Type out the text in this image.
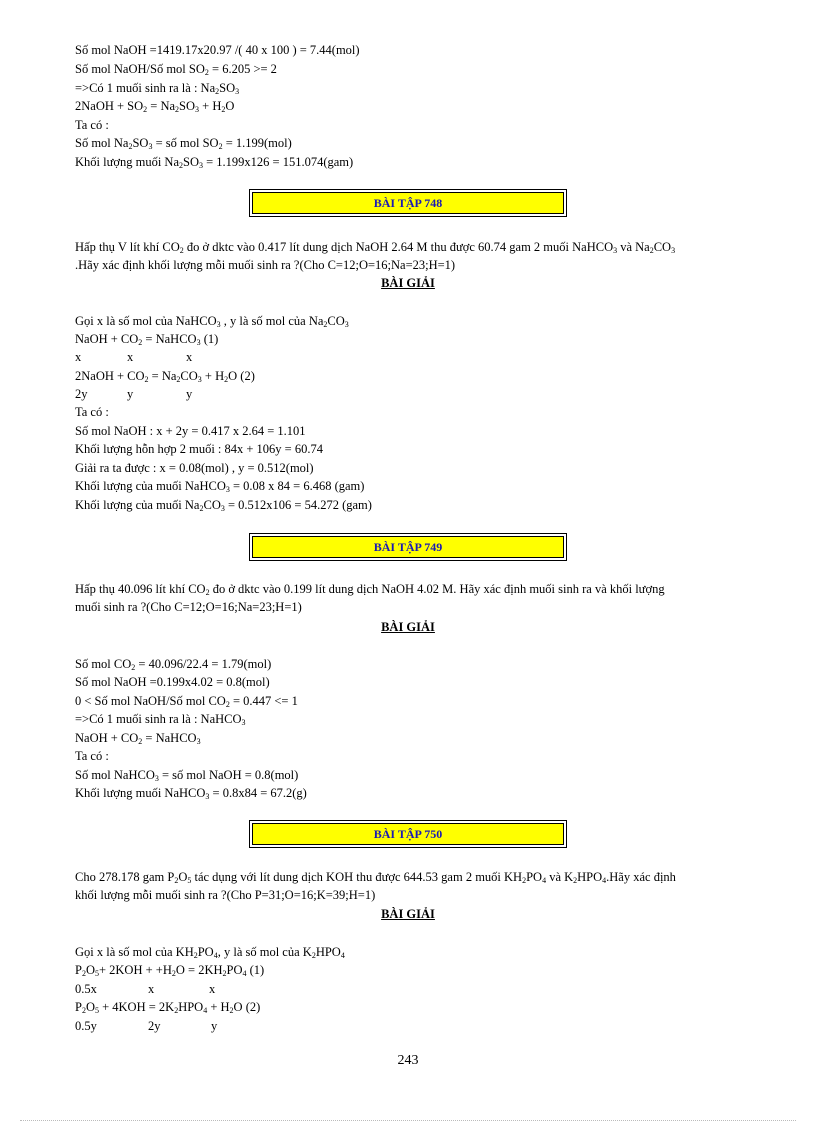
Số mol NaOH =1419.17x20.97 /( 40 x 100 ) = 7.44(mol)
Số mol NaOH/Số mol $SO_2 = 6.205 >= 2$
=>Có 1 muối sinh ra là : $Na_2SO_3$
2NaOH + $SO_2 = Na_2SO_3 + H_2O$
Ta có :
Số mol $Na_2SO_3$ = số mol $SO_2 = 1.199(mol)$
Khối lượng muối $Na_2SO_3 = 1.199x126 = 151.074(gam)$
BÀI TẬP 748
Hấp thụ V lít khí $CO_2$ đo ở dktc vào 0.417 lít dung dịch NaOH 2.64 M thu được 60.74 gam 2 muối NaHCO$_3$ và $Na_2CO_3$
.Hãy xác định khối lượng mỗi muối sinh ra ?(Cho C=12;O=16;Na=23;H=1)
BÀI GIẢI
Gọi x là số mol của NaHCO$_3$ , y là số mol của $Na_2CO_3$
NaOH + $CO_2$ = NaHCO$_3$ (1)
x	x	x
2NaOH + $CO_2 = Na_2CO_3 + H_2O$ (2)
2y	y	y
Ta có :
Số mol NaOH : x + 2y = 0.417 x 2.64 = 1.101
Khối lượng hỗn hợp 2 muối : 84x + 106y = 60.74
Giải ra ta được : x = 0.08(mol) , y = 0.512(mol)
Khối lượng của muối NaHCO$_3$ = 0.08 x 84 = 6.468 (gam)
Khối lượng của muối $Na_2CO_3 = 0.512x106 = 54.272$ (gam)
BÀI TẬP 749
Hấp thụ 40.096 lít khí $CO_2$ đo ở dktc vào 0.199 lít dung dịch NaOH 4.02 M. Hãy xác định muối sinh ra và khối lượng
muối sinh ra ?(Cho C=12;O=16;Na=23;H=1)
BÀI GIẢI
Số mol $CO_2 = 40.096/22.4 = 1.79(mol)$
Số mol NaOH =0.199x4.02 = 0.8(mol)
0 < Số mol NaOH/Số mol $CO_2 = 0.447 <= 1$
=>Có 1 muối sinh ra là : NaHCO$_3$
NaOH + $CO_2$ = NaHCO$_3$
Ta có :
Số mol NaHCO$_3$ = số mol NaOH = 0.8(mol)
Khối lượng muối NaHCO$_3$ = 0.8x84 = 67.2(g)
BÀI TẬP 750
Cho 278.178 gam $P_2O_5$ tác dụng với lít dung dịch KOH thu được 644.53 gam 2 muối $KH_2PO_4$ và $K_2HPO_4.Hãy$ xác định
khối lượng mỗi muối sinh ra ?(Cho P=31;O=16;K=39;H=1)
BÀI GIẢI
Gọi x là số mol của $KH_2PO_4$, y là số mol của $K_2HPO_4$
$P_2O_5+ 2KOH + +H_2O = 2KH_2PO_4$ (1)
0.5x	x	x
$P_2O_5 + 4KOH = 2K_2HPO_4 + H_2O$ (2)
0.5y	2y	y
243
